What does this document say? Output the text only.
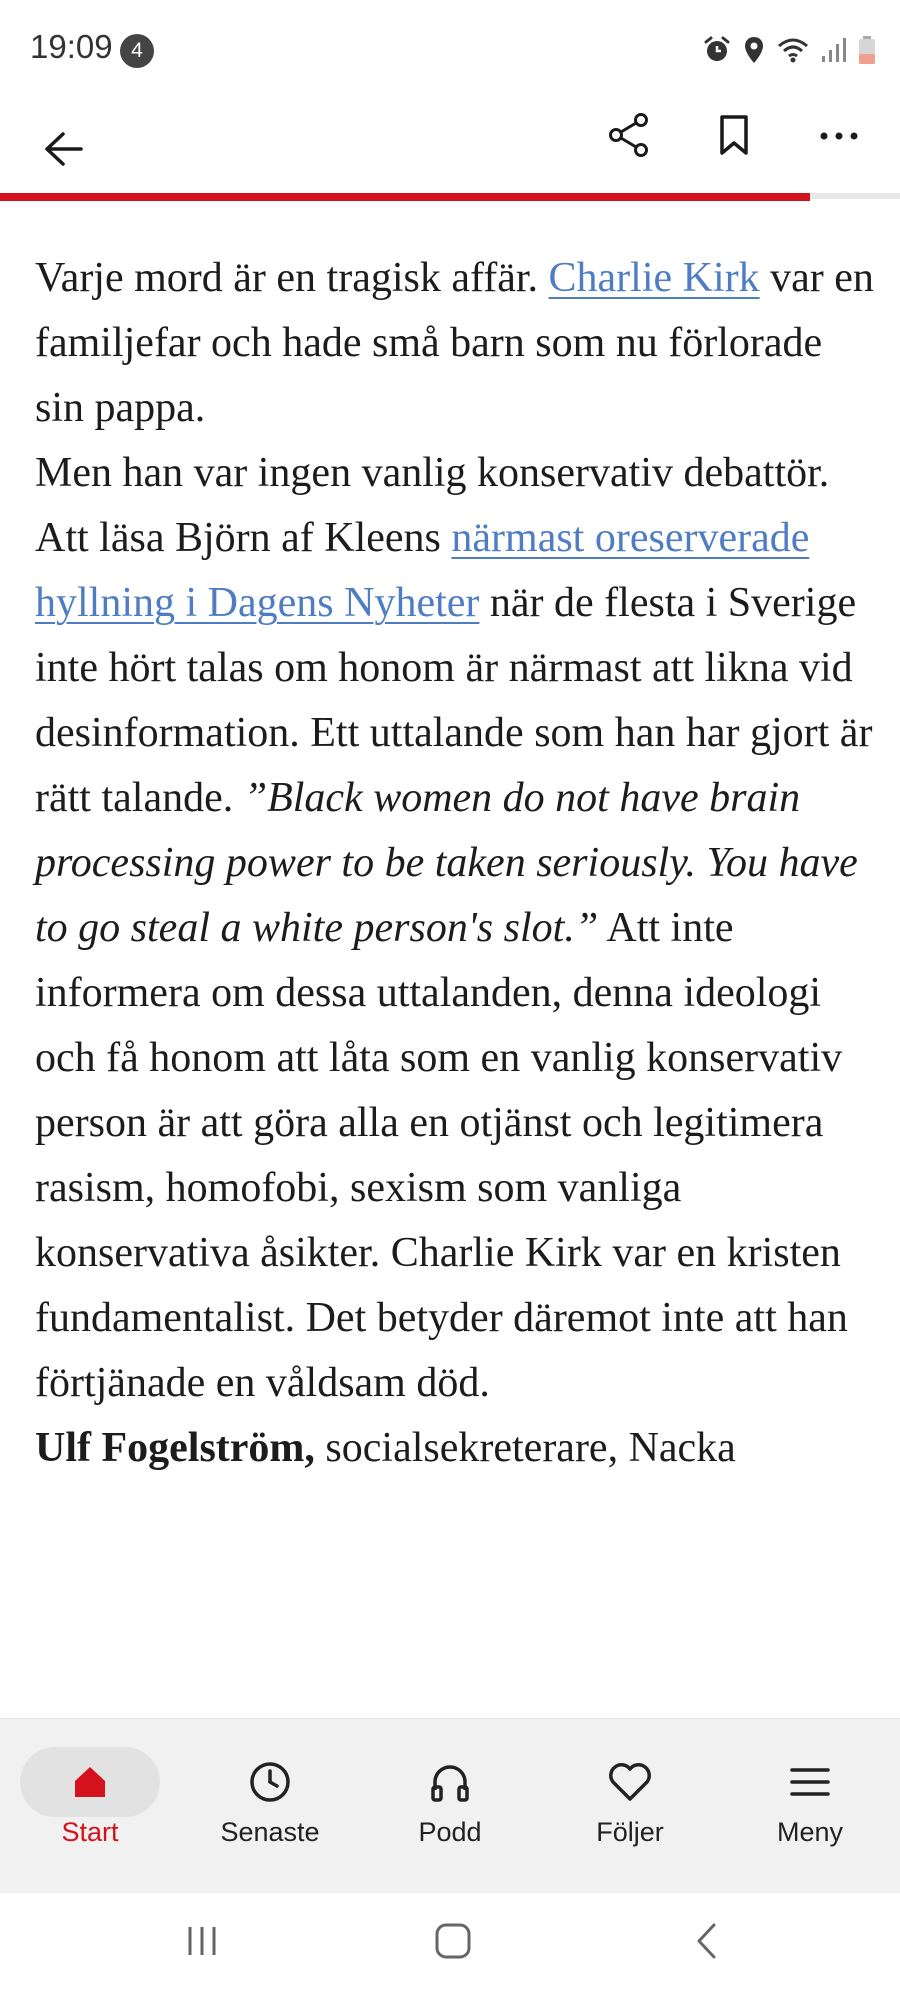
19:09 4

Varje mord är en tragisk affär. Charlie Kirk var en familjefar och hade små barn som nu förlorade sin pappa.

Men han var ingen vanlig konservativ debattör. Att läsa Björn af Kleens närmast oreserverade hyllning i Dagens Nyheter när de flesta i Sverige inte hört talas om honom är närmast att likna vid desinformation. Ett uttalande som han har gjort är rätt talande. ”Black women do not have brain processing power to be taken seriously. You have to go steal a white person's slot.” Att inte informera om dessa uttalanden, denna ideologi och få honom att låta som en vanlig konservativ person är att göra alla en otjänst och legitimera rasism, homofobi, sexism som vanliga konservativa åsikter. Charlie Kirk var en kristen fundamentalist. Det betyder däremot inte att han förtjänade en våldsam död.

Ulf Fogelström, socialsekreterare, Nacka

Start	Senaste	Podd	Följer	Meny
